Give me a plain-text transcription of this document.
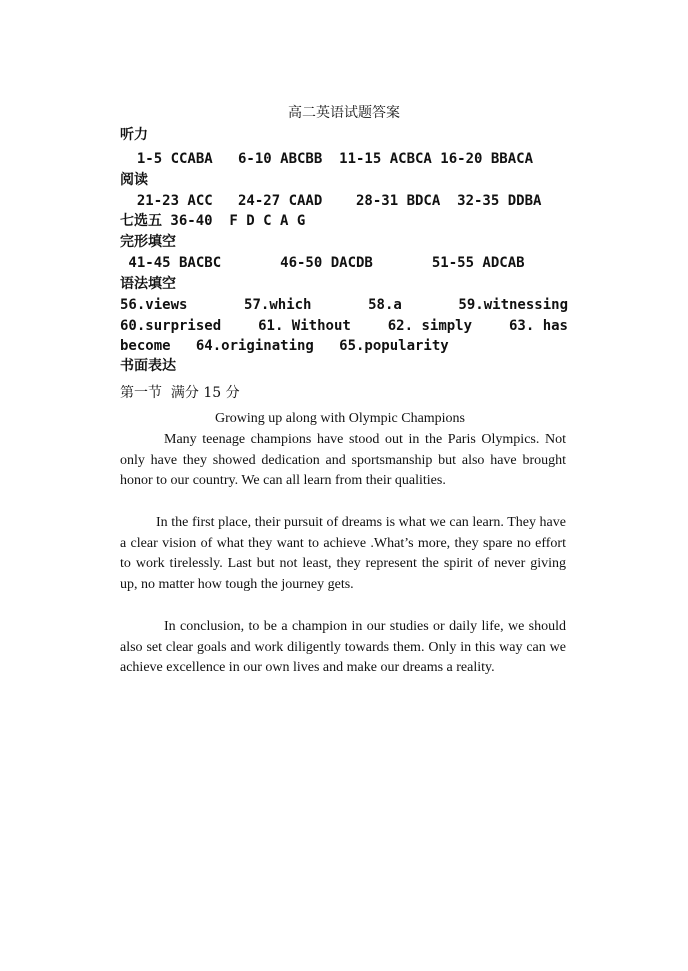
高二英语试题答案
听力
1-5 CCABA   6-10 ABCBB  11-15 ACBCA 16-20 BBACA
阅读
21-23 ACC   24-27 CAAD    28-31 BDCA  32-35 DDBA
七选五 36-40  F D C A G
完形填空
41-45 BACBC       46-50 DACDB       51-55 ADCAB
语法填空
56.views	57.which	58.a	59.witnessing
60.surprised	61. Without	62. simply	63. has
become   64.originating   65.popularity
书面表达
第一节  满分 15 分
Growing up along with Olympic Champions

Many teenage champions have stood out in the Paris Olympics. Not only have they showed dedication and sportsmanship but also have brought honor to our country. We can all learn from their qualities.

In the first place, their pursuit of dreams is what we can learn. They have a clear vision of what they want to achieve .What’s more, they spare no effort to work tirelessly. Last but not least, they represent the spirit of never giving up, no matter how tough the journey gets.

In conclusion, to be a champion in our studies or daily life, we should also set clear goals and work diligently towards them. Only in this way can we achieve excellence in our own lives and make our dreams a reality.
